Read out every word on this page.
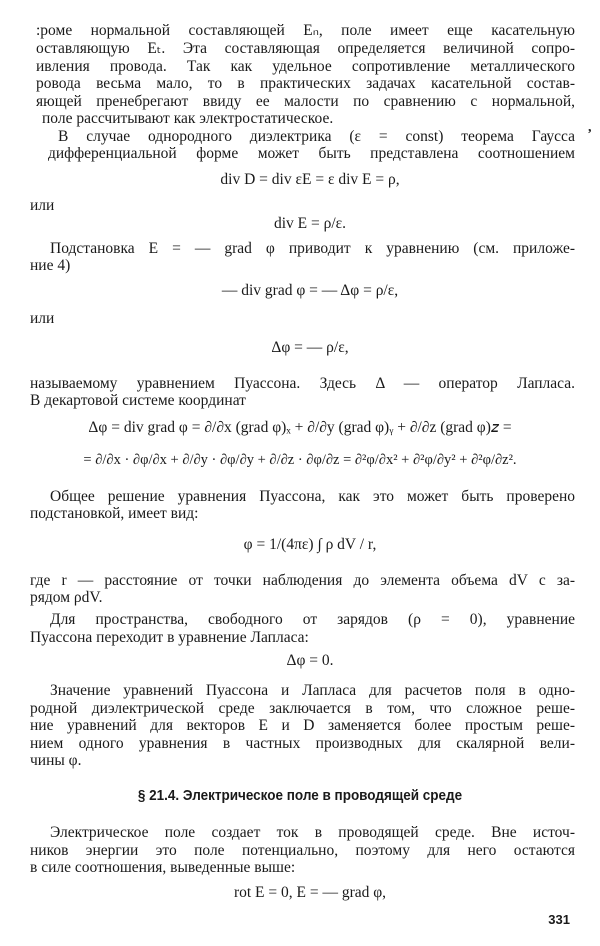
:роме нормальной составляющей Eₙ, поле имеет еще касательную
оставляющую Eₜ. Эта составляющая определяется величиной сопро-
ивления провода. Так как удельное сопротивление металлического
ровода весьма мало, то в практических задачах касательной состав-
яющей пренебрегают ввиду ее малости по сравнению с нормальной,
поле рассчитывают как электростатическое.
,
В случае однородного диэлектрика (ε = const) теорема Гаусса
дифференциальной форме может быть представлена соотношением
div D = div εE = ε div E = ρ,
или
div E = ρ/ε.
Подстановка E = — grad φ приводит к уравнению (см. приложе-
ние 4)
— div grad φ = — Δφ = ρ/ε,
или
Δφ = — ρ/ε,
называемому уравнением Пуассона. Здесь Δ — оператор Лапласа.
В декартовой системе координат
Δφ = div grad φ = ∂/∂x (grad φ)ₓ + ∂/∂y (grad φ)ᵧ + ∂/∂z (grad φ)𝑧 =
= ∂/∂x · ∂φ/∂x + ∂/∂y · ∂φ/∂y + ∂/∂z · ∂φ/∂z = ∂²φ/∂x² + ∂²φ/∂y² + ∂²φ/∂z².
Общее решение уравнения Пуассона, как это может быть проверено
подстановкой, имеет вид:
φ = 1/(4πε) ∫ ρ dV / r,
где r — расстояние от точки наблюдения до элемента объема dV с за-
рядом ρdV.
Для пространства, свободного от зарядов (ρ = 0), уравнение
Пуассона переходит в уравнение Лапласа:
Δφ = 0.
Значение уравнений Пуассона и Лапласа для расчетов поля в одно-
родной диэлектрической среде заключается в том, что сложное реше-
ние уравнений для векторов E и D заменяется более простым реше-
нием одного уравнения в частных производных для скалярной вели-
чины φ.
§ 21.4. Электрическое поле в проводящей среде
Электрическое поле создает ток в проводящей среде. Вне источ-
ников энергии это поле потенциально, поэтому для него остаются
в силе соотношения, выведенные выше:
rot E = 0, E = — grad φ,
331
